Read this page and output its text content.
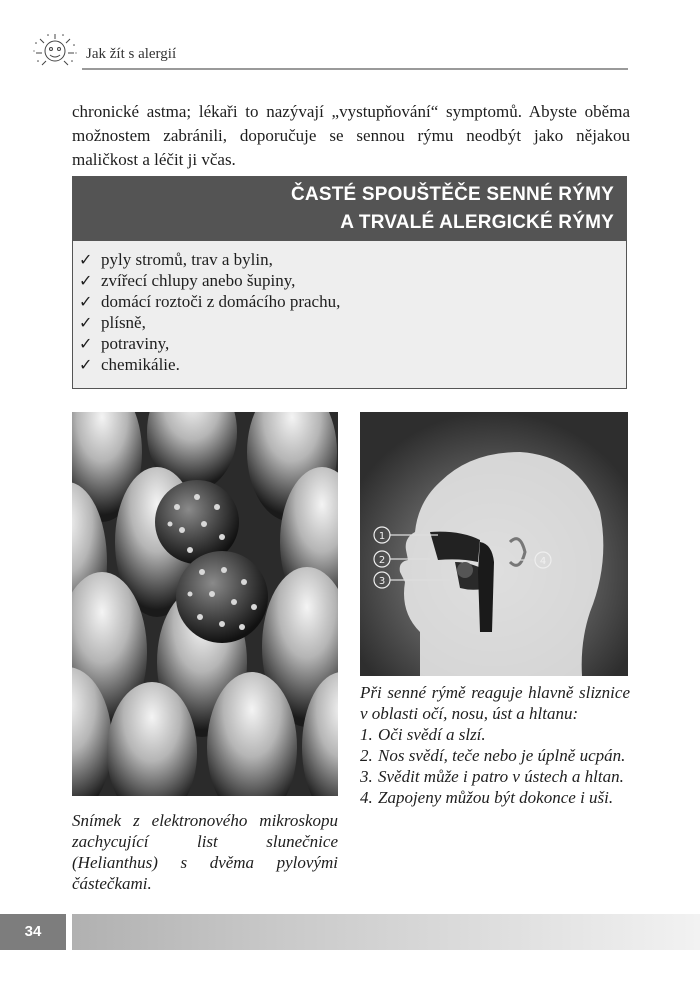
Jak žít s alergií

chronické astma; lékaři to nazývají „vystupňování“ symptomů. Abyste oběma možnostem zabránili, doporučuje se sennou rýmu neodbýt jako nějakou maličkost a léčit ji včas.

ČASTÉ SPOUŠTĚČE SENNÉ RÝMY
A TRVALÉ ALERGICKÉ RÝMY
✓ pyly stromů, trav a bylin,
✓ zvířecí chlupy anebo šupiny,
✓ domácí roztoči z domácího prachu,
✓ plísně,
✓ potraviny,
✓ chemikálie.
1
2
3
4
Snímek z elektronového mikroskopu zachycující list slunečnice (Helianthus) s dvěma pylovými částečkami.
Při senné rýmě reaguje hlavně sliznice v oblasti očí, nosu, úst a hltanu:
1. Oči svědí a slzí.
2. Nos svědí, teče nebo je úplně ucpán.
3. Svědit může i patro v ústech a hltan.
4. Zapojeny můžou být dokonce i uši.
34
